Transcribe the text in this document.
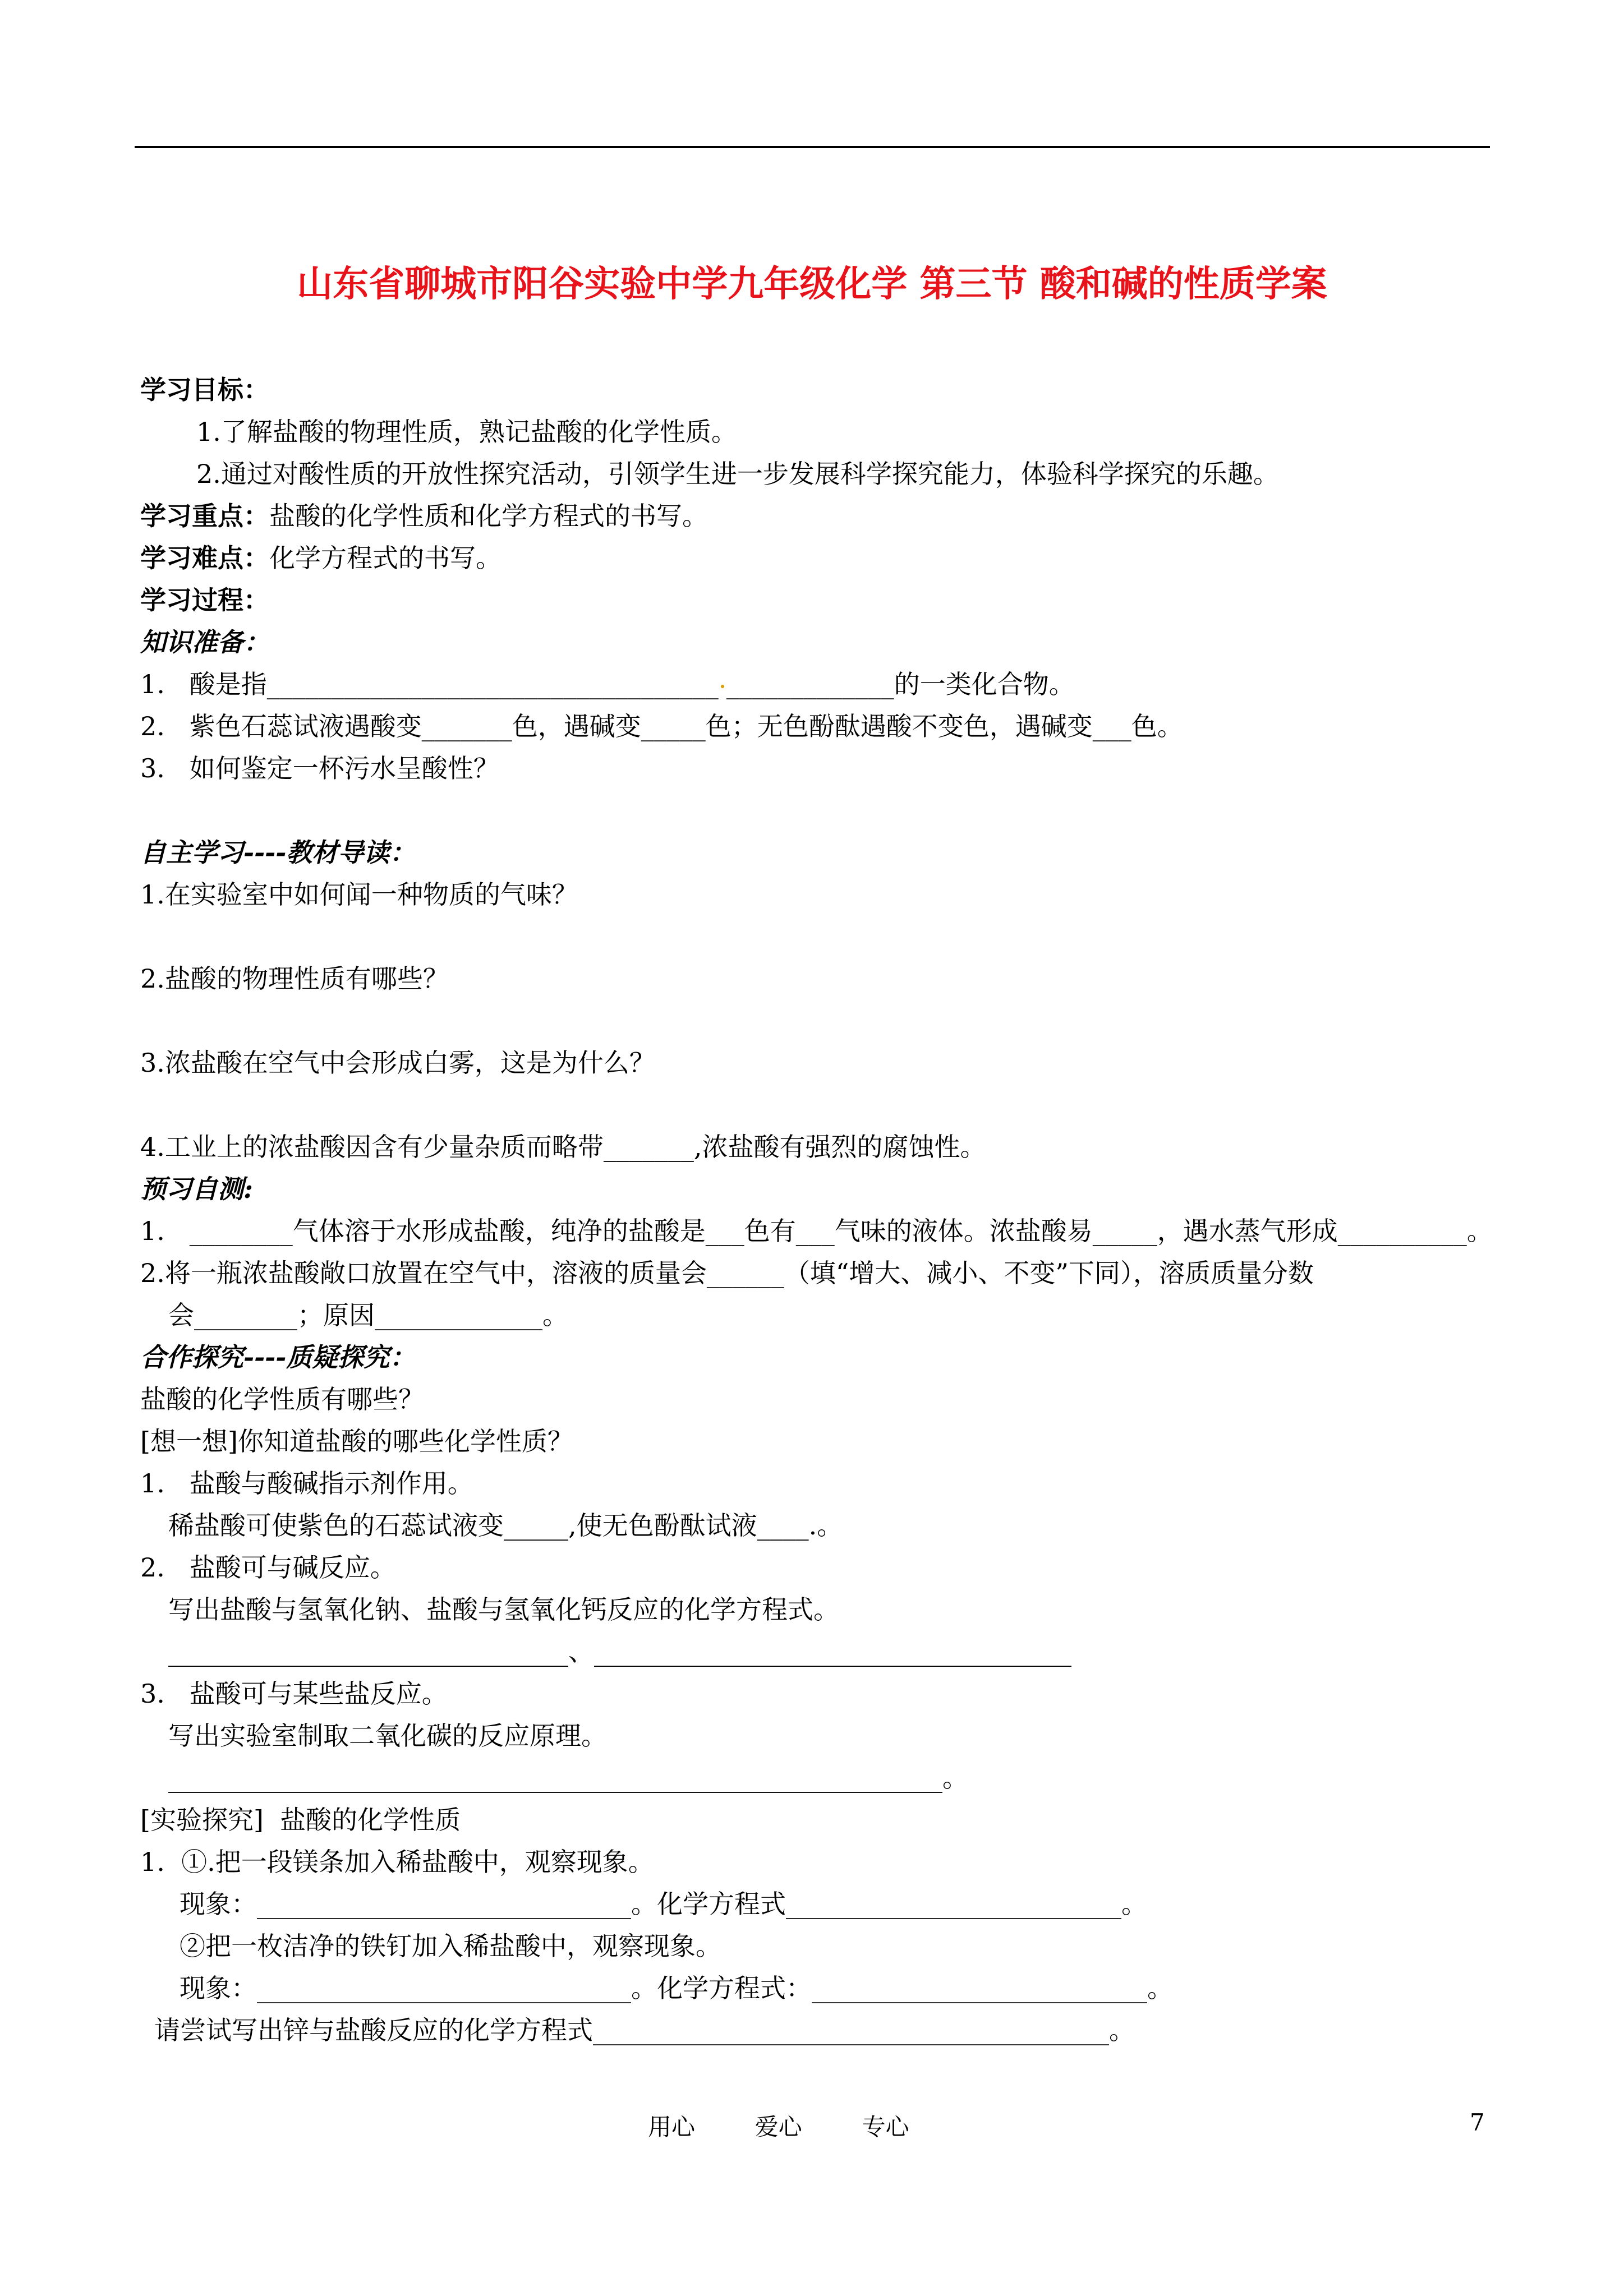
山东省聊城市阳谷实验中学九年级化学 第三节 酸和碱的性质学案
学习目标：
1.了解盐酸的物理性质，熟记盐酸的化学性质。
2.通过对酸性质的开放性探究活动，引领学生进一步发展科学探究能力，体验科学探究的乐趣。
学习重点：盐酸的化学性质和化学方程式的书写。
学习难点：化学方程式的书写。
学习过程：
知识准备：
1.   酸是指___________________________________ _____________的一类化合物。
2.   紫色石蕊试液遇酸变_______色，遇碱变_____色；无色酚酞遇酸不变色，遇碱变___色。
3.   如何鉴定一杯污水呈酸性？
自主学习----教材导读：
1.在实验室中如何闻一种物质的气味？
2.盐酸的物理性质有哪些？
3.浓盐酸在空气中会形成白雾，这是为什么？
4.工业上的浓盐酸因含有少量杂质而略带_______,浓盐酸有强烈的腐蚀性。
预习自测:
1.   ________气体溶于水形成盐酸，纯净的盐酸是___色有___气味的液体。浓盐酸易_____，遇水蒸气形成__________。
2.将一瓶浓盐酸敞口放置在空气中，溶液的质量会______（填“增大、减小、不变”下同），溶质质量分数
会________；原因_____________。
合作探究----质疑探究：
盐酸的化学性质有哪些？
[想一想]你知道盐酸的哪些化学性质？
1.   盐酸与酸碱指示剂作用。
稀盐酸可使紫色的石蕊试液变_____,使无色酚酞试液____.。
2.   盐酸可与碱反应。
写出盐酸与氢氧化钠、盐酸与氢氧化钙反应的化学方程式。
_______________________________、_____________________________________
3.   盐酸可与某些盐反应。
写出实验室制取二氧化碳的反应原理。
____________________________________________________________。
[实验探究]  盐酸的化学性质
1.  ①.把一段镁条加入稀盐酸中，观察现象。
现象：_____________________________。化学方程式__________________________。
②把一枚洁净的铁钉加入稀盐酸中，观察现象。
现象：_____________________________。化学方程式：__________________________。
请尝试写出锌与盐酸反应的化学方程式________________________________________。
用心        爱心        专心	7
